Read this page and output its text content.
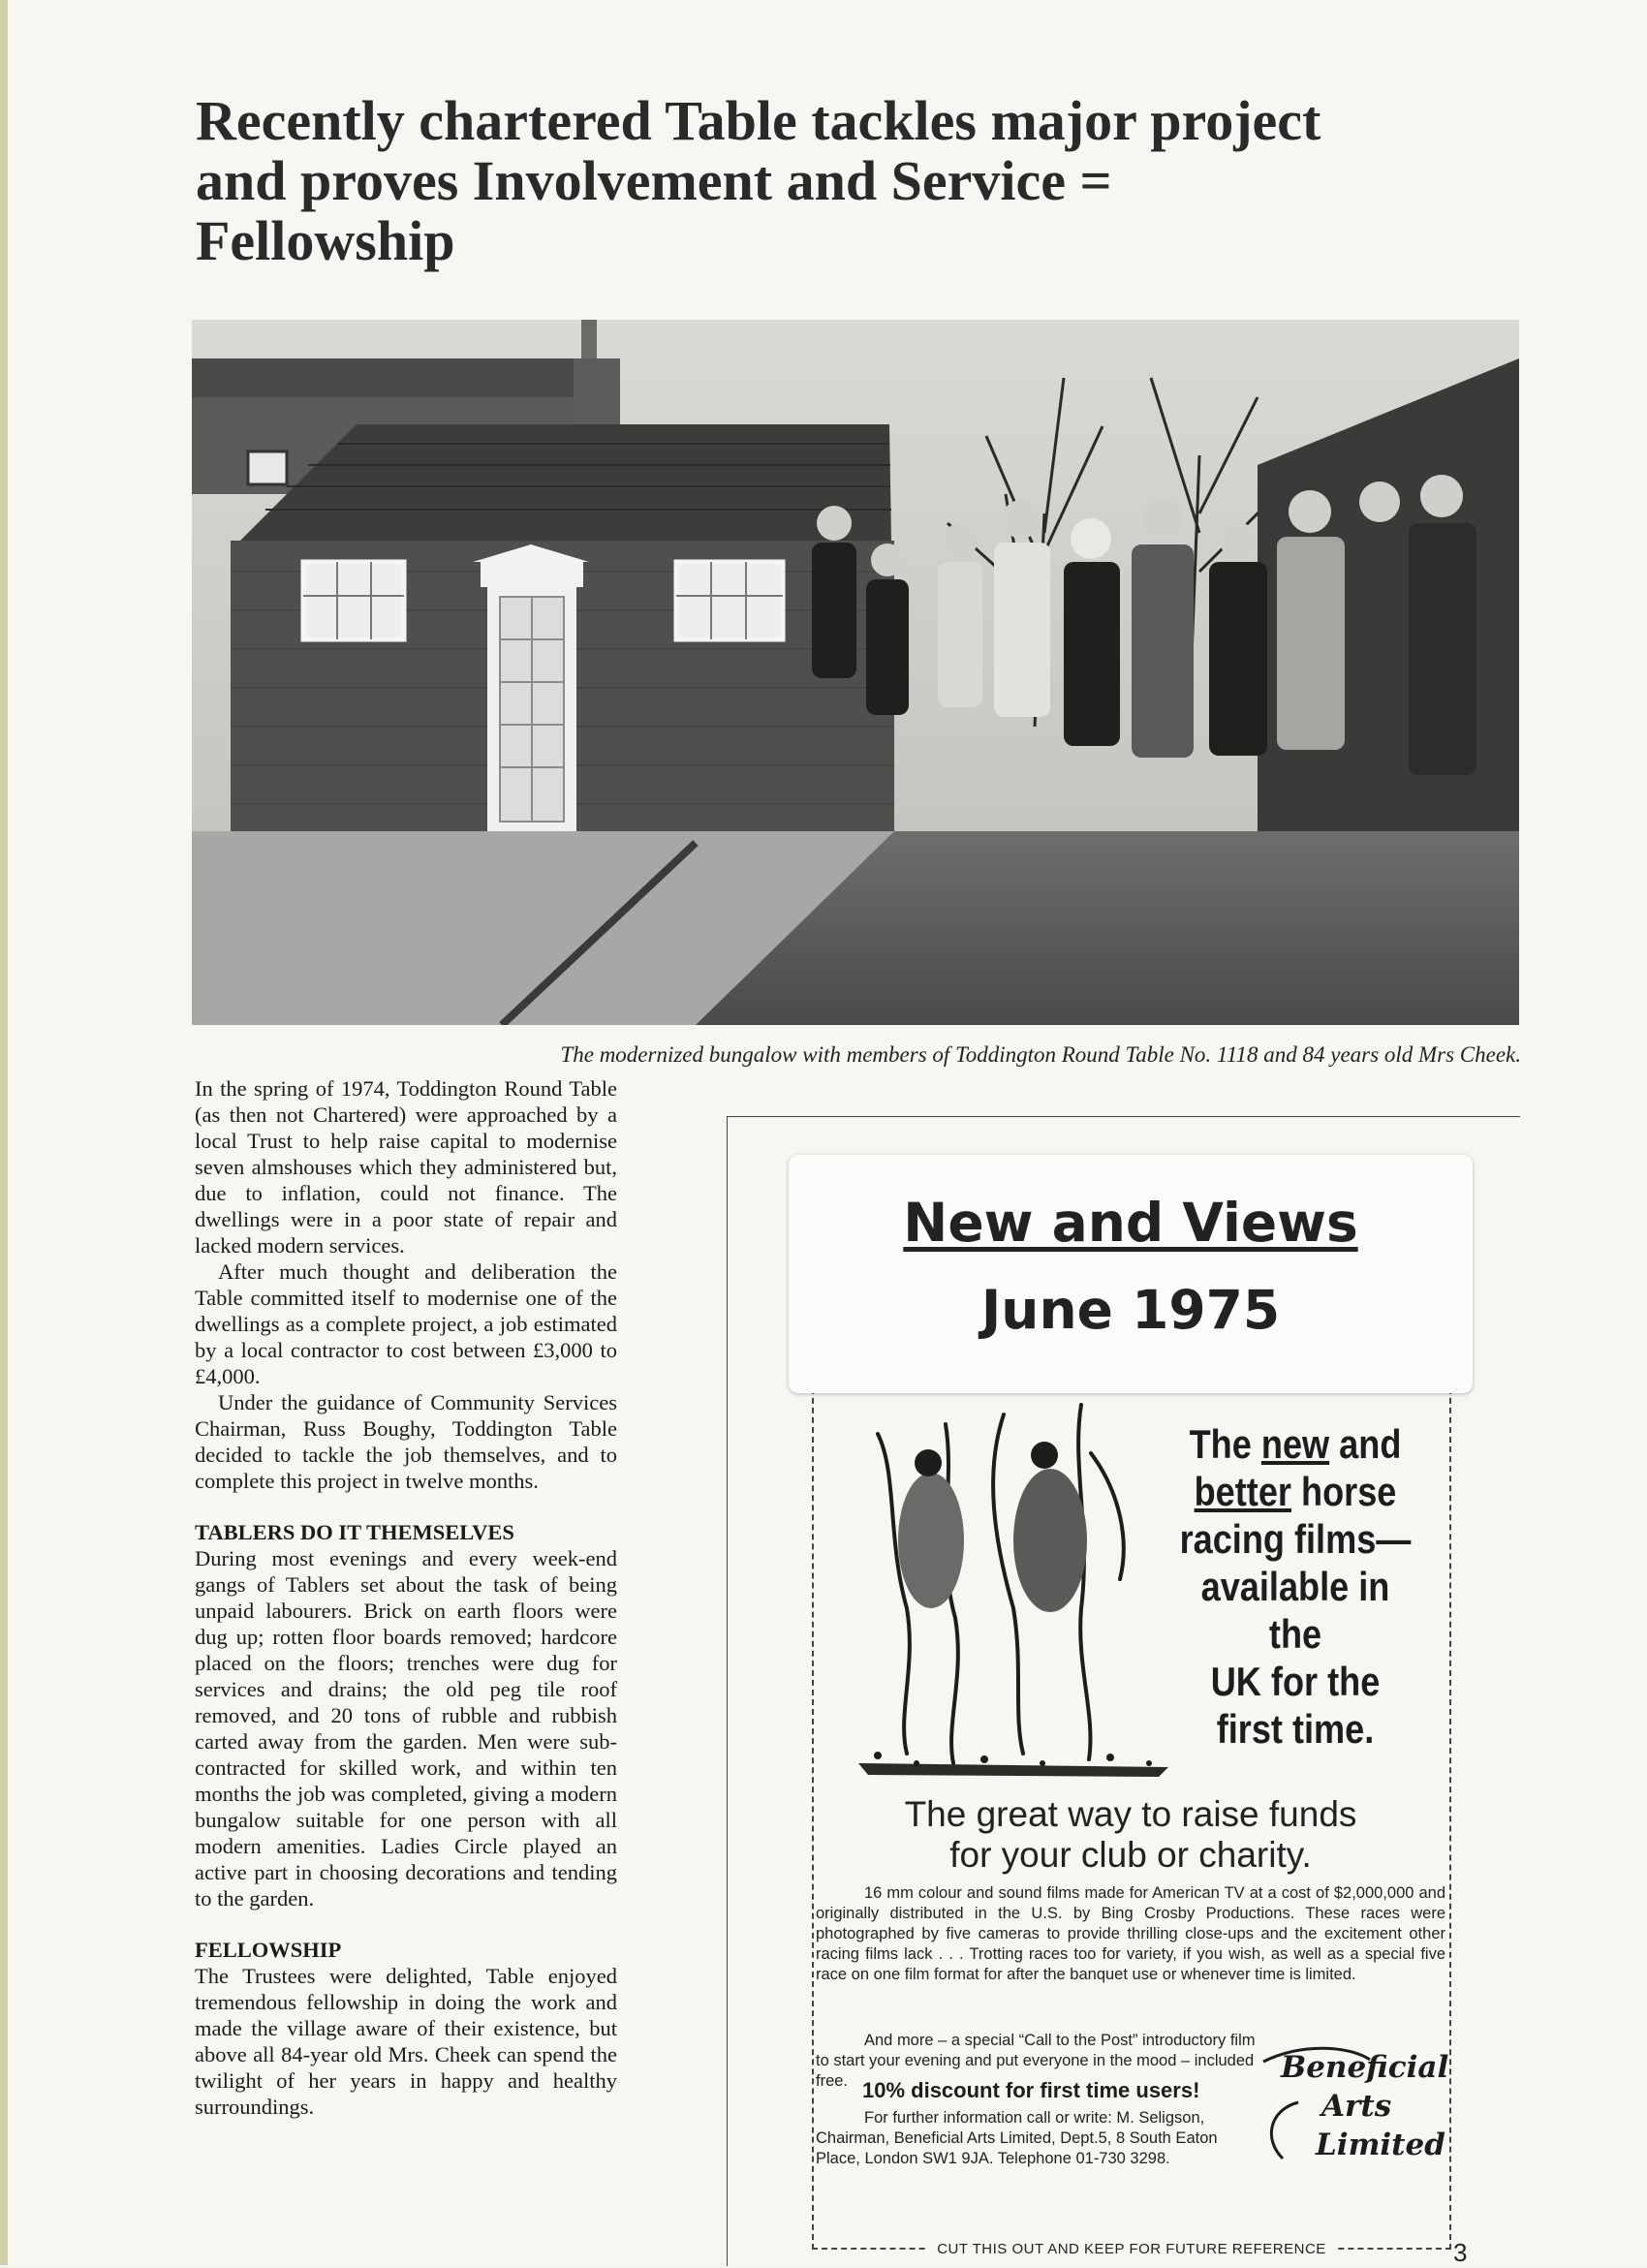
Recently chartered Table tackles major project
and proves Involvement and Service =
Fellowship

The modernized bungalow with members of Toddington Round Table No. 1118 and 84 years old Mrs Cheek.

In the spring of 1974, Toddington Round Table (as then not Chartered) were approached by a local Trust to help raise capital to modernise seven almshouses which they administered but, due to inflation, could not finance. The dwellings were in a poor state of repair and lacked modern services.

After much thought and deliberation the Table committed itself to modernise one of the dwellings as a complete project, a job estimated by a local contractor to cost between £3,000 to £4,000.

Under the guidance of Community Services Chairman, Russ Boughy, Toddington Table decided to tackle the job themselves, and to complete this project in twelve months.

TABLERS DO IT THEMSELVES

During most evenings and every week-end gangs of Tablers set about the task of being unpaid labourers. Brick on earth floors were dug up; rotten floor boards removed; hardcore placed on the floors; trenches were dug for services and drains; the old peg tile roof removed, and 20 tons of rubble and rubbish carted away from the garden. Men were sub-contracted for skilled work, and within ten months the job was completed, giving a modern bungalow suitable for one person with all modern amenities. Ladies Circle played an active part in choosing decorations and tending to the garden.

FELLOWSHIP

The Trustees were delighted, Table enjoyed tremendous fellowship in doing the work and made the village aware of their existence, but above all 84-year old Mrs. Cheek can spend the twilight of her years in happy and healthy surroundings.

CUT THIS OUT AND KEEP FOR FUTURE REFERENCE

The new and
better horse
racing films—
available in the
UK for the
first time.

The great way to raise funds
for your club or charity.

16 mm colour and sound films made for American TV at a cost of $2,000,000 and originally distributed in the U.S. by Bing Crosby Productions. These races were photographed by five cameras to provide thrilling close-ups and the excitement other racing films lack . . . Trotting races too for variety, if you wish, as well as a special five race on one film format for after the banquet use or whenever time is limited.

And more – a special “Call to the Post” introductory film to start your evening and put everyone in the mood – included free. 10% discount for first time users!

For further information call or write: M. Seligson, Chairman, Beneficial Arts Limited, Dept.5, 8 South Eaton Place, London SW1 9JA. Telephone 01-730 3298.

Beneficial
Arts
Limited
New and Views
June 1975
3
